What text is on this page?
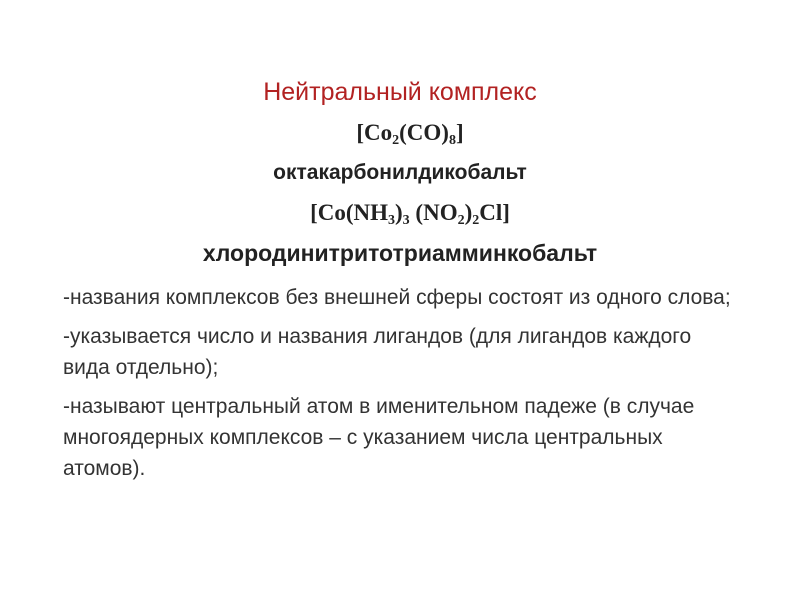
Нейтральный комплекс
$[Co_2(CO)_8]$
октакарбонилдикобальт
[$Co(NH_3)_3$ $(NO_2)_2Cl$]
хлородинитритотриамминкобальт
-названия комплексов без внешней сферы состоят из одного слова;
-указывается число и названия лигандов (для лигандов каждого вида отдельно);
-называют центральный атом в именительном падеже (в случае многоядерных комплексов – с указанием числа центральных атомов).
